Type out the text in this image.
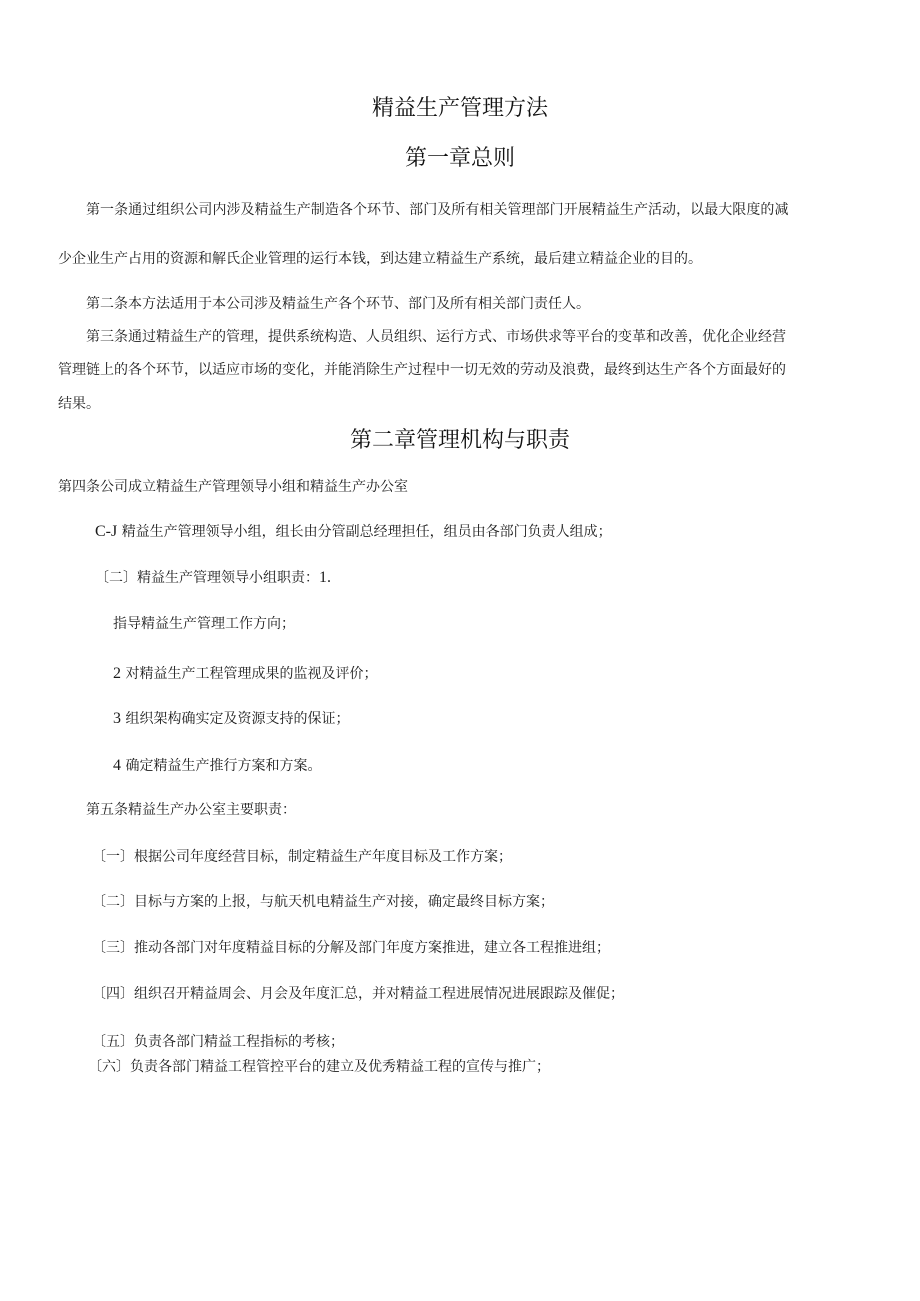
精益生产管理方法
第一章总则
第一条通过组织公司内涉及精益生产制造各个环节、部门及所有相关管理部门开展精益生产活动，以最大限度的减
少企业生产占用的资源和解氏企业管理的运行本钱，到达建立精益生产系统，最后建立精益企业的目的。
第二条本方法适用于本公司涉及精益生产各个环节、部门及所有相关部门责任人。
第三条通过精益生产的管理，提供系统构造、人员组织、运行方式、市场供求等平台的变革和改善，优化企业经营
管理链上的各个环节，以适应市场的变化，并能消除生产过程中一切无效的劳动及浪费，最终到达生产各个方面最好的
结果。
第二章管理机构与职责
第四条公司成立精益生产管理领导小组和精益生产办公室
C-J 精益生产管理领导小组，组长由分管副总经理担任，组员由各部门负责人组成；
〔二〕精益生产管理领导小组职责：1.
指导精益生产管理工作方向；
2 对精益生产工程管理成果的监视及评价；
3 组织架构确实定及资源支持的保证；
4 确定精益生产推行方案和方案。
第五条精益生产办公室主要职责：
〔一〕根据公司年度经营目标，制定精益生产年度目标及工作方案；
〔二〕目标与方案的上报，与航天机电精益生产对接，确定最终目标方案；
〔三〕推动各部门对年度精益目标的分解及部门年度方案推进，建立各工程推进组；
〔四〕组织召开精益周会、月会及年度汇总，并对精益工程进展情况进展跟踪及催促；
〔五〕负责各部门精益工程指标的考核；
〔六〕负责各部门精益工程管控平台的建立及优秀精益工程的宣传与推广；
